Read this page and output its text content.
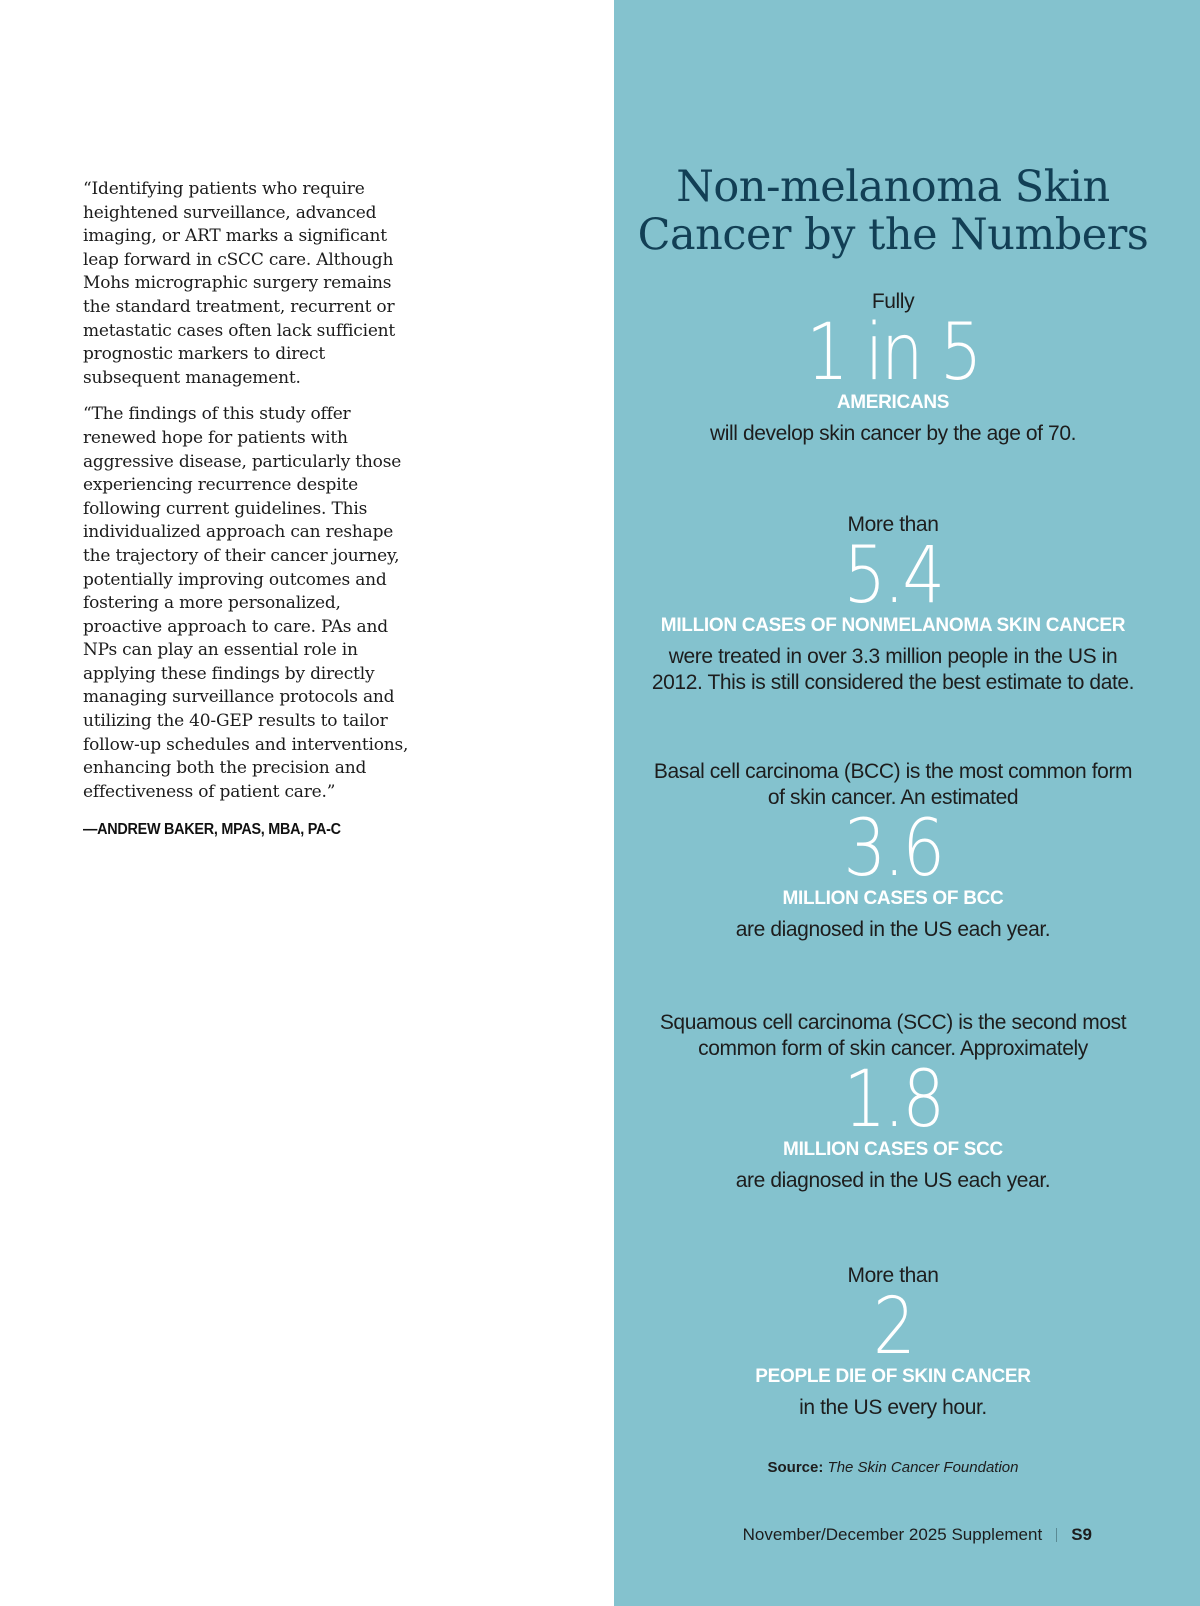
“Identifying patients who require heightened surveillance, advanced imaging, or ART marks a significant leap forward in cSCC care. Although Mohs micrographic surgery remains the standard treatment, recurrent or metastatic cases often lack sufficient prognostic markers to direct subsequent management.

“The findings of this study offer renewed hope for patients with aggressive disease, particularly those experiencing recurrence despite following current guidelines. This individualized approach can reshape the trajectory of their cancer journey, potentially improving outcomes and fostering a more personalized, proactive approach to care. PAs and NPs can play an essential role in applying these findings by directly managing surveillance protocols and utilizing the 40-GEP results to tailor follow-up schedules and interventions, enhancing both the precision and effectiveness of patient care.”

—ANDREW BAKER, MPAS, MBA, PA-C
Non-melanoma Skin
Cancer by the Numbers
Fully
1 in 5
AMERICANS
will develop skin cancer by the age of 70.
More than
5.4
MILLION CASES OF NONMELANOMA SKIN CANCER
were treated in over 3.3 million people in the US in
2012. This is still considered the best estimate to date.
Basal cell carcinoma (BCC) is the most common form
of skin cancer. An estimated
3.6
MILLION CASES OF BCC
are diagnosed in the US each year.
Squamous cell carcinoma (SCC) is the second most
common form of skin cancer. Approximately
1.8
MILLION CASES OF SCC
are diagnosed in the US each year.
More than
2
PEOPLE DIE OF SKIN CANCER
in the US every hour.
Source: The Skin Cancer Foundation
November/December 2025 Supplement S9
